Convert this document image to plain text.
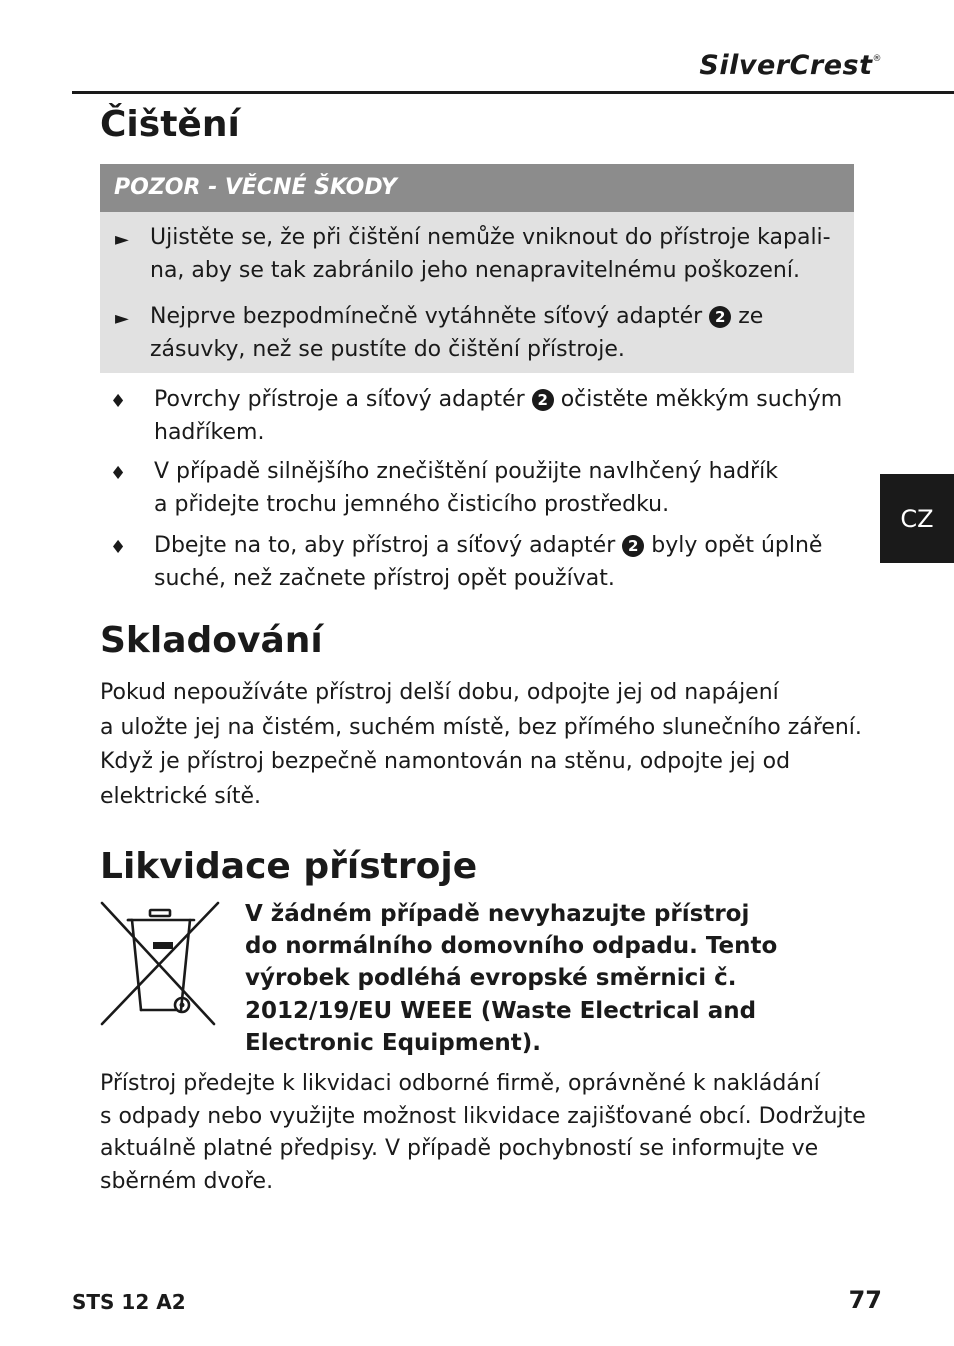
SilverCrest®
CZ
Čištění
POZOR - VĚCNÉ ŠKODY
► Ujistěte se, že při čištění nemůže vniknout do přístroje kapali-
na, aby se tak zabránilo jeho nenapravitelnému poškození.
► Nejprve bezpodmínečně vytáhněte síťový adaptér 2 ze
zásuvky, než se pustíte do čištění přístroje.
♦ Povrchy přístroje a síťový adaptér 2 očistěte měkkým suchým
hadříkem.
♦ V případě silnějšího znečištění použijte navlhčený hadřík
a přidejte trochu jemného čisticího prostředku.
♦ Dbejte na to, aby přístroj a síťový adaptér 2 byly opět úplně
suché, než začnete přístroj opět používat.
Skladování
Pokud nepoužíváte přístroj delší dobu, odpojte jej od napájení
a uložte jej na čistém, suchém místě, bez přímého slunečního záření.
Když je přístroj bezpečně namontován na stěnu, odpojte jej od
elektrické sítě.
Likvidace přístroje
V žádném případě nevyhazujte přístroj
do normálního domovního odpadu. Tento
výrobek podléhá evropské směrnici č.
2012/19/EU WEEE (Waste Electrical and
Electronic Equipment).
Přístroj předejte k likvidaci odborné firmě, oprávněné k nakládání
s odpady nebo využijte možnost likvidace zajišťované obcí. Dodržujte
aktuálně platné předpisy. V případě pochybností se informujte ve
sběrném dvoře.
STS 12 A2	77
